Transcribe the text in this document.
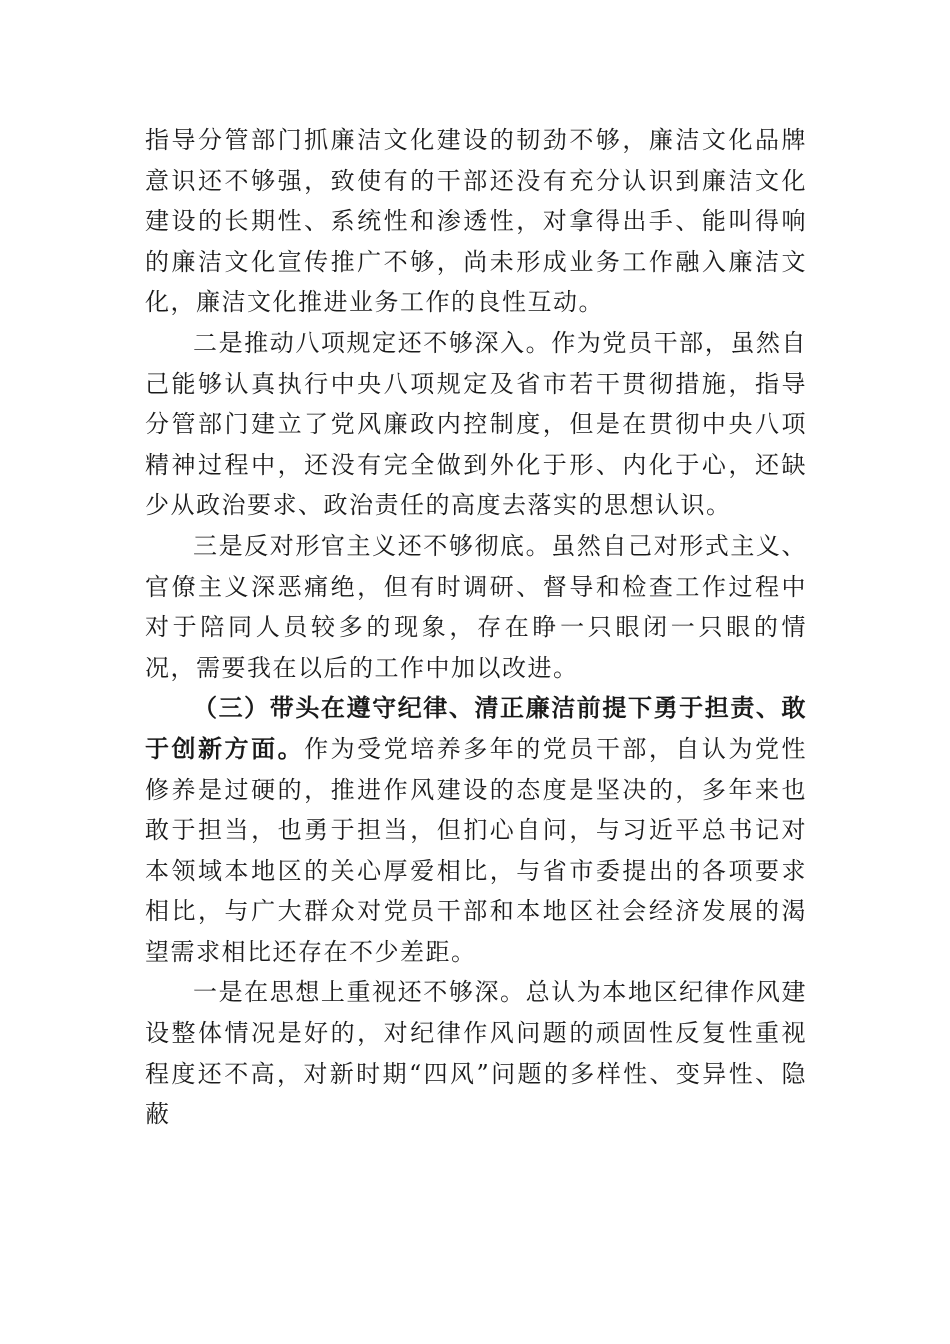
指导分管部门抓廉洁文化建设的韧劲不够，廉洁文化品牌意识还不够强，致使有的干部还没有充分认识到廉洁文化建设的长期性、系统性和渗透性，对拿得出手、能叫得响的廉洁文化宣传推广不够，尚未形成业务工作融入廉洁文化，廉洁文化推进业务工作的良性互动。

二是推动八项规定还不够深入。作为党员干部，虽然自己能够认真执行中央八项规定及省市若干贯彻措施，指导分管部门建立了党风廉政内控制度，但是在贯彻中央八项精神过程中，还没有完全做到外化于形、内化于心，还缺少从政治要求、政治责任的高度去落实的思想认识。

三是反对形官主义还不够彻底。虽然自己对形式主义、官僚主义深恶痛绝，但有时调研、督导和检查工作过程中对于陪同人员较多的现象，存在睁一只眼闭一只眼的情况，需要我在以后的工作中加以改进。

（三）带头在遵守纪律、清正廉洁前提下勇于担责、敢于创新方面。作为受党培养多年的党员干部，自认为党性修养是过硬的，推进作风建设的态度是坚决的，多年来也敢于担当，也勇于担当，但扪心自问，与习近平总书记对本领域本地区的关心厚爱相比，与省市委提出的各项要求相比，与广大群众对党员干部和本地区社会经济发展的渴望需求相比还存在不少差距。

一是在思想上重视还不够深。总认为本地区纪律作风建设整体情况是好的，对纪律作风问题的顽固性反复性重视程度还不高，对新时期“四风”问题的多样性、变异性、隐蔽
